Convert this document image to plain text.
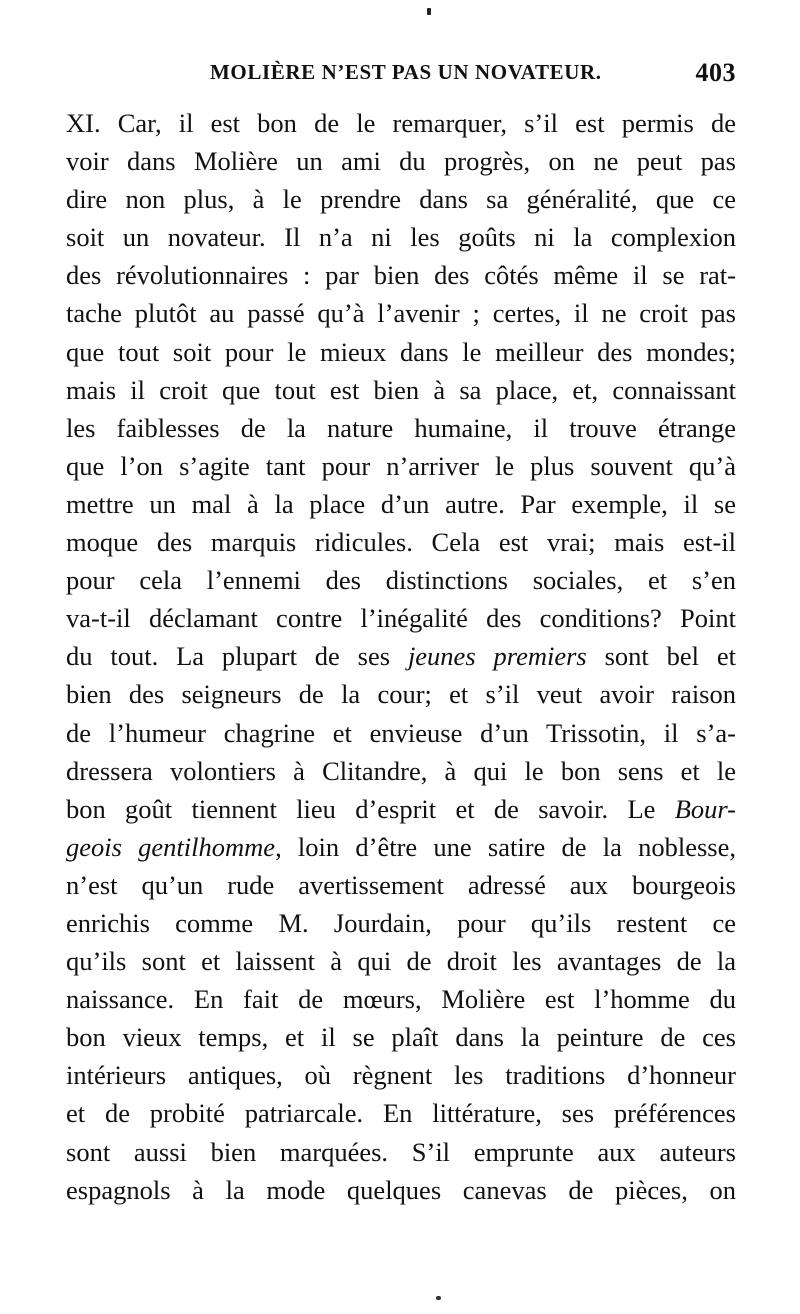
MOLIÈRE N’EST PAS UN NOVATEUR.	403
XI. Car, il est bon de le remarquer, s’il est permis de
voir dans Molière un ami du progrès, on ne peut pas
dire non plus, à le prendre dans sa généralité, que ce
soit un novateur. Il n’a ni les goûts ni la complexion
des révolutionnaires : par bien des côtés même il se rat-
tache plutôt au passé qu’à l’avenir ; certes, il ne croit pas
que tout soit pour le mieux dans le meilleur des mondes;
mais il croit que tout est bien à sa place, et, connaissant
les faiblesses de la nature humaine, il trouve étrange
que l’on s’agite tant pour n’arriver le plus souvent qu’à
mettre un mal à la place d’un autre. Par exemple, il se
moque des marquis ridicules. Cela est vrai; mais est-il
pour cela l’ennemi des distinctions sociales, et s’en
va-t-il déclamant contre l’inégalité des conditions? Point
du tout. La plupart de ses jeunes premiers sont bel et
bien des seigneurs de la cour; et s’il veut avoir raison
de l’humeur chagrine et envieuse d’un Trissotin, il s’a-
dressera volontiers à Clitandre, à qui le bon sens et le
bon goût tiennent lieu d’esprit et de savoir. Le Bour-
geois gentilhomme, loin d’être une satire de la noblesse,
n’est qu’un rude avertissement adressé aux bourgeois
enrichis comme M. Jourdain, pour qu’ils restent ce
qu’ils sont et laissent à qui de droit les avantages de la
naissance. En fait de mœurs, Molière est l’homme du
bon vieux temps, et il se plaît dans la peinture de ces
intérieurs antiques, où règnent les traditions d’honneur
et de probité patriarcale. En littérature, ses préférences
sont aussi bien marquées. S’il emprunte aux auteurs
espagnols à la mode quelques canevas de pièces, on
